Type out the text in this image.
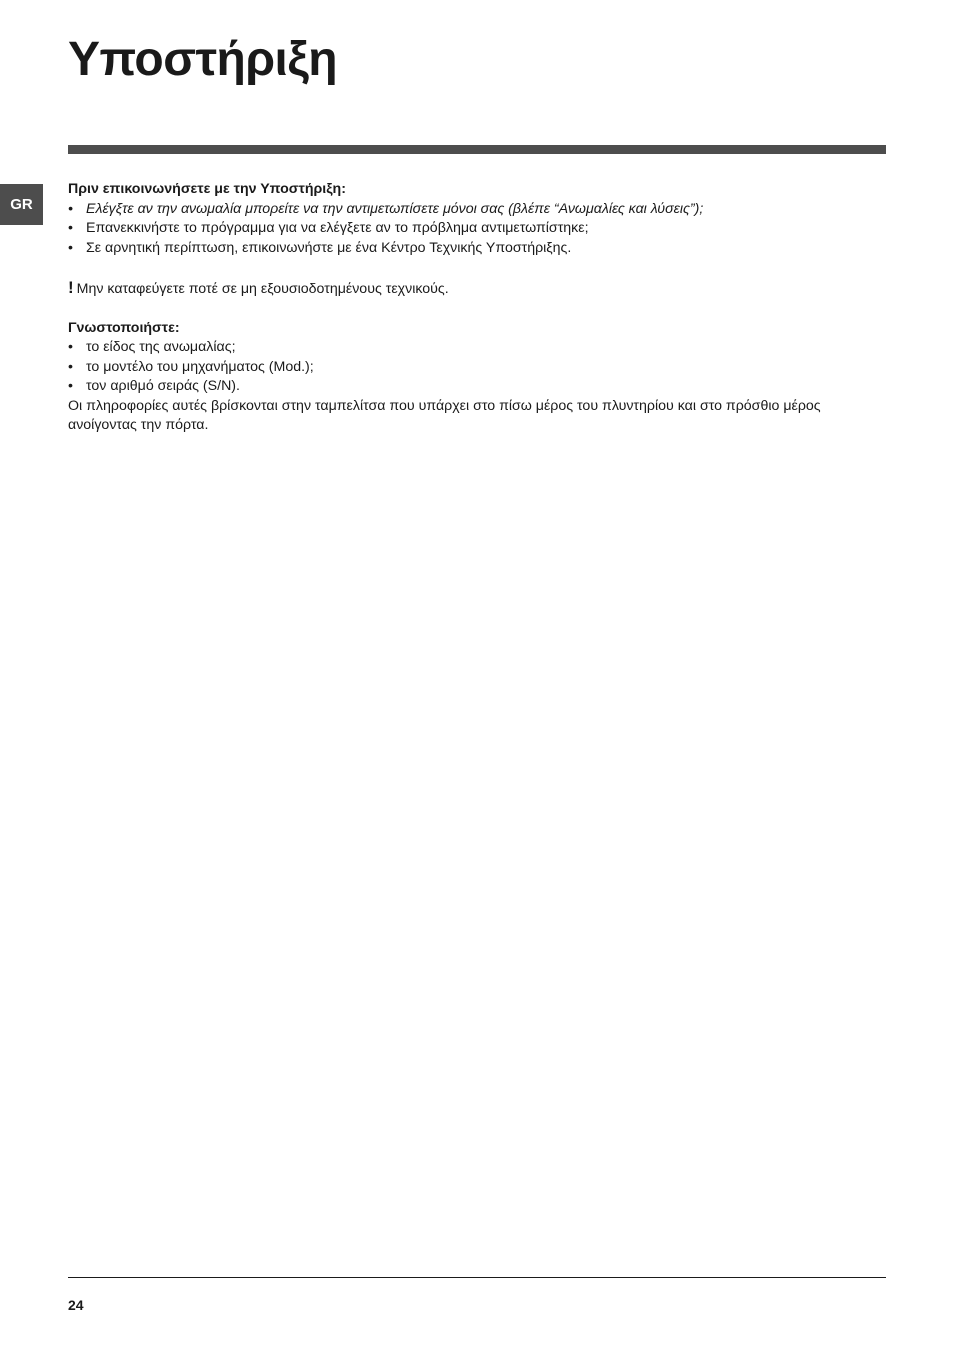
Υποστήριξη
GR

Πριν επικοινωνήσετε με την Υποστήριξη:

• Ελέγξτε αν την ανωμαλία μπορείτε να την αντιμετωπίσετε μόνοι σας (βλέπε “Ανωμαλίες και λύσεις”);
• Επανεκκινήστε το πρόγραμμα για να ελέγξετε αν το πρόβλημα αντιμετωπίστηκε;
• Σε αρνητική περίπτωση, επικοινωνήστε με ένα Κέντρο Τεχνικής Υποστήριξης.

! Μην καταφεύγετε ποτέ σε μη εξουσιοδοτημένους τεχνικούς.

Γνωστοποιήστε:

• το είδος της ανωμαλίας;
• το μοντέλο του μηχανήματος (Mod.);
• τον αριθμό σειράς (S/N).

Οι πληροφορίες αυτές βρίσκονται στην ταμπελίτσα που υπάρχει στο πίσω μέρος του πλυντηρίου και στο πρόσθιο μέρος ανοίγοντας την πόρτα.

24
